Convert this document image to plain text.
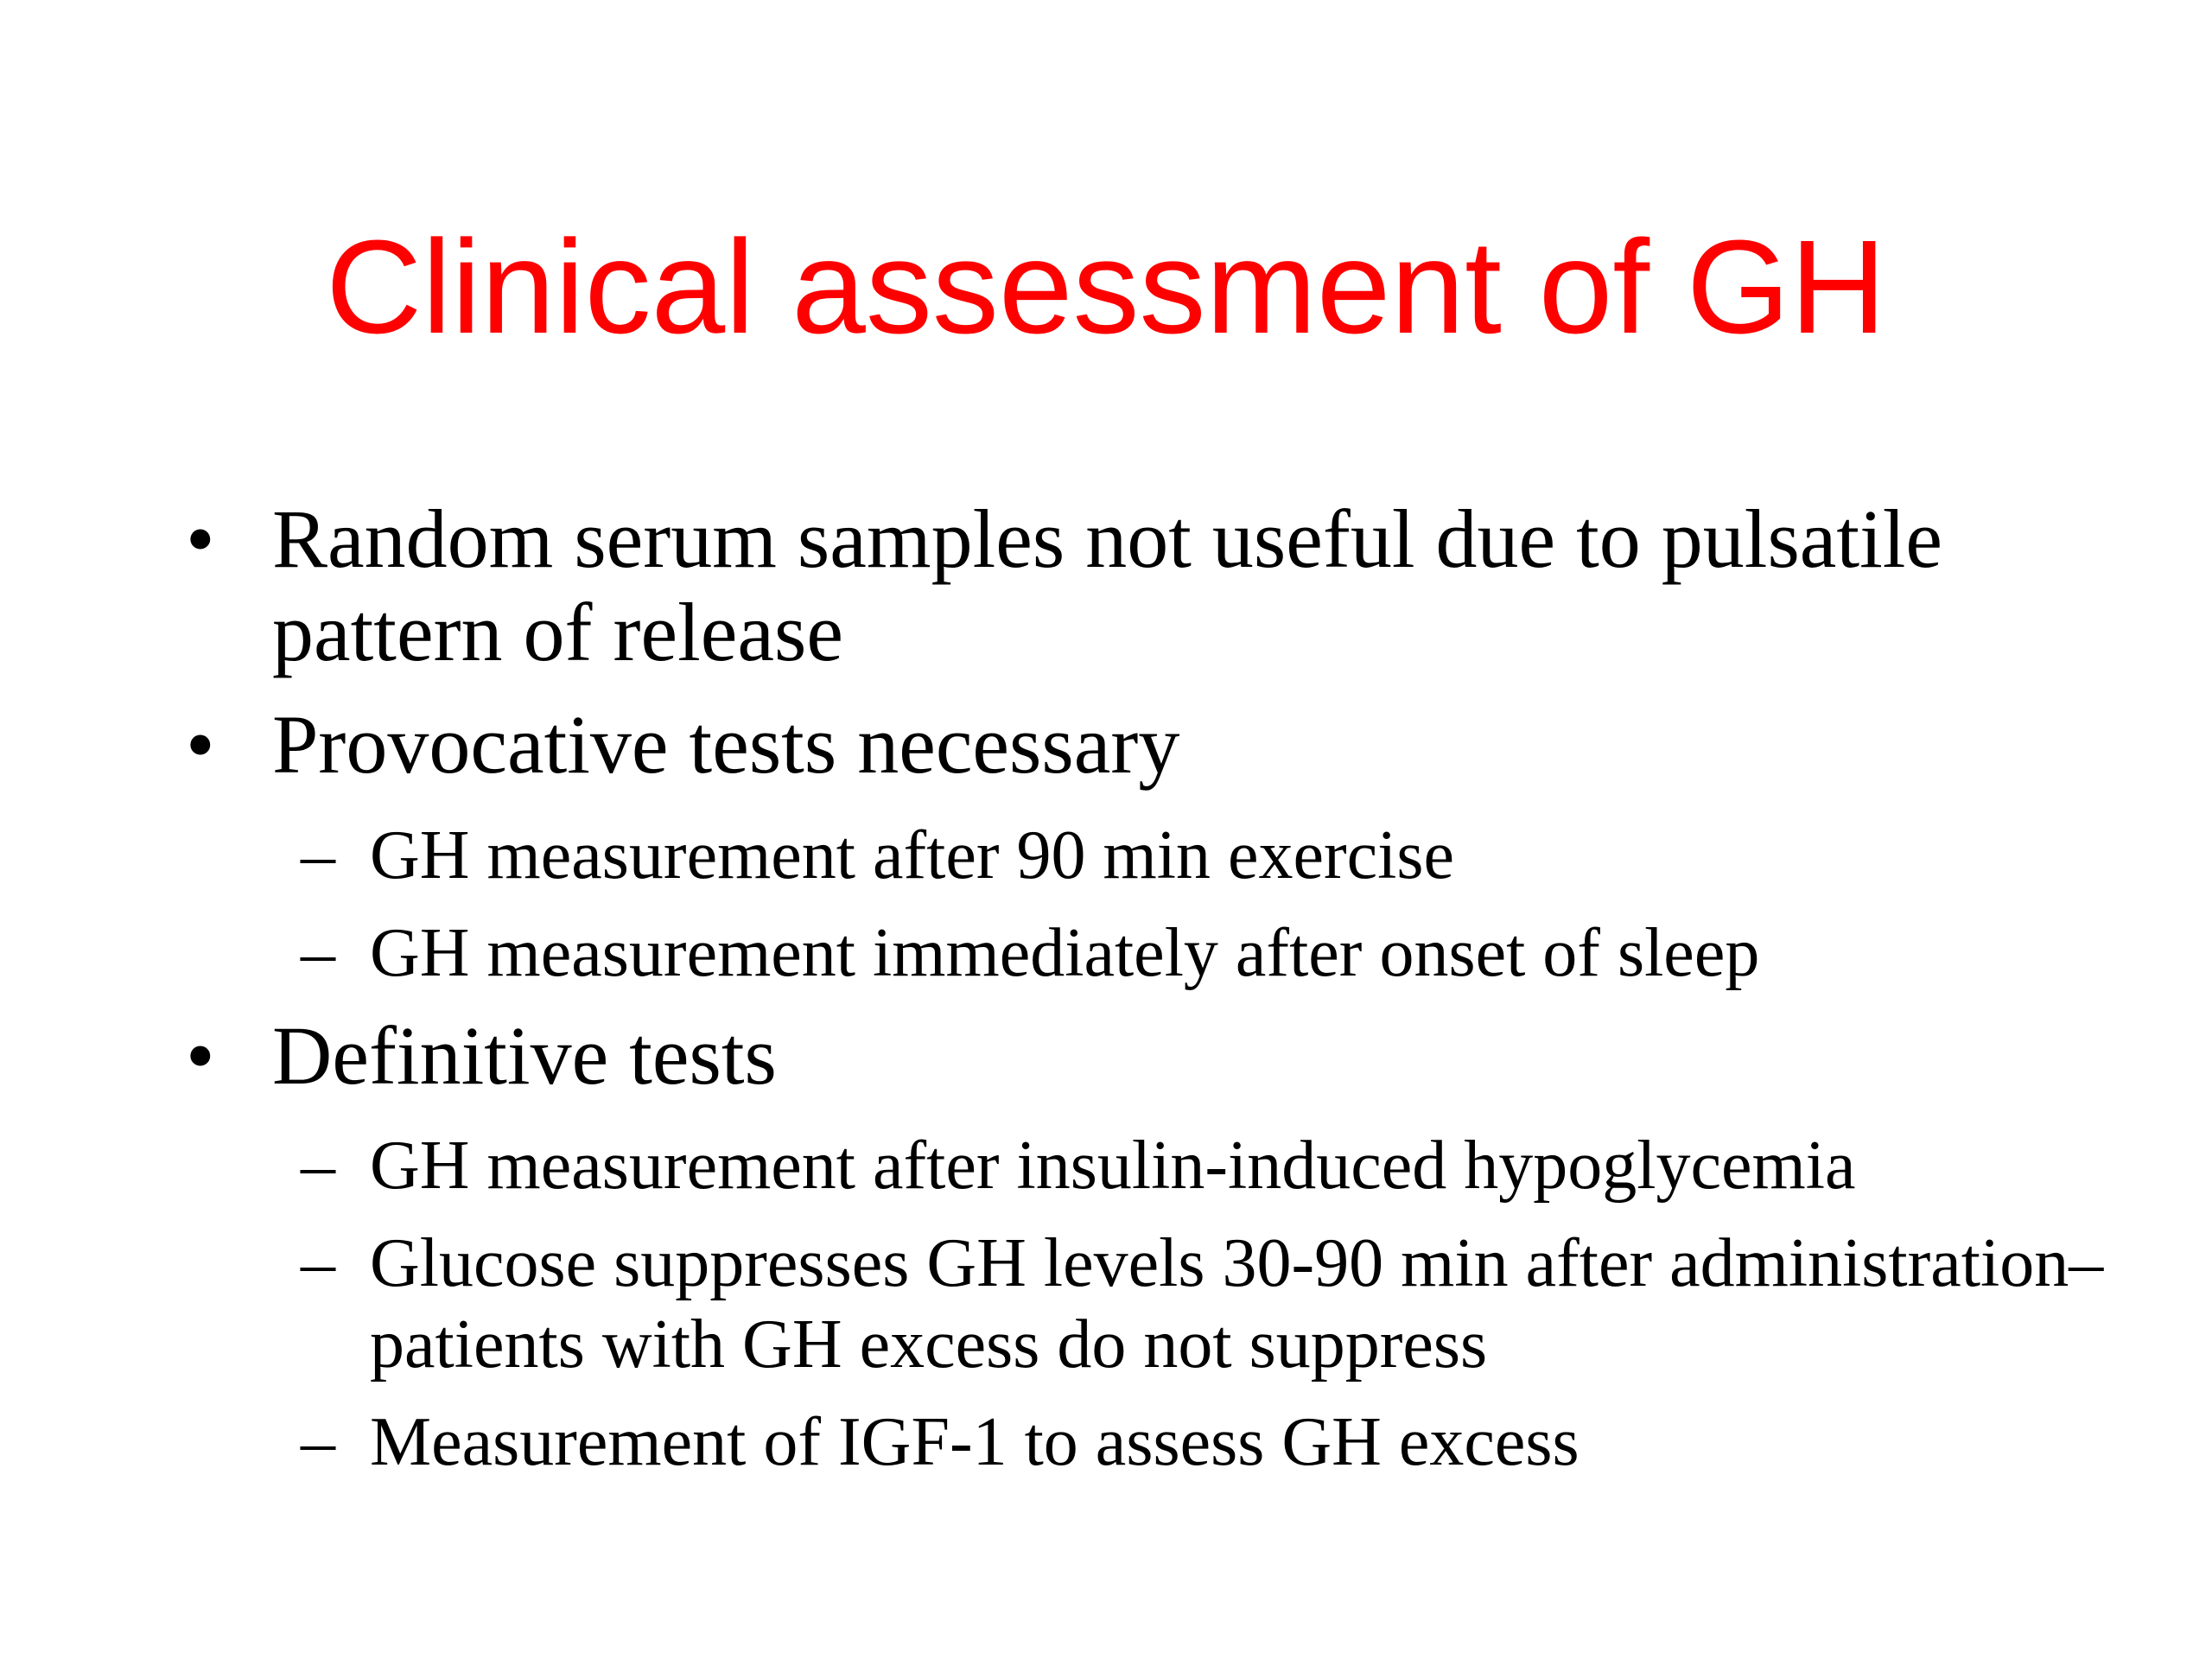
Clinical assessment of GH
• Random serum samples not useful due to pulsatile pattern of release
• Provocative tests necessary
– GH measurement after 90 min exercise
– GH measurement immediately after onset of sleep
• Definitive tests
– GH measurement after insulin-induced hypoglycemia
– Glucose suppresses GH levels 30-90 min after administration– patients with GH excess do not suppress
– Measurement of IGF-1 to assess GH excess
